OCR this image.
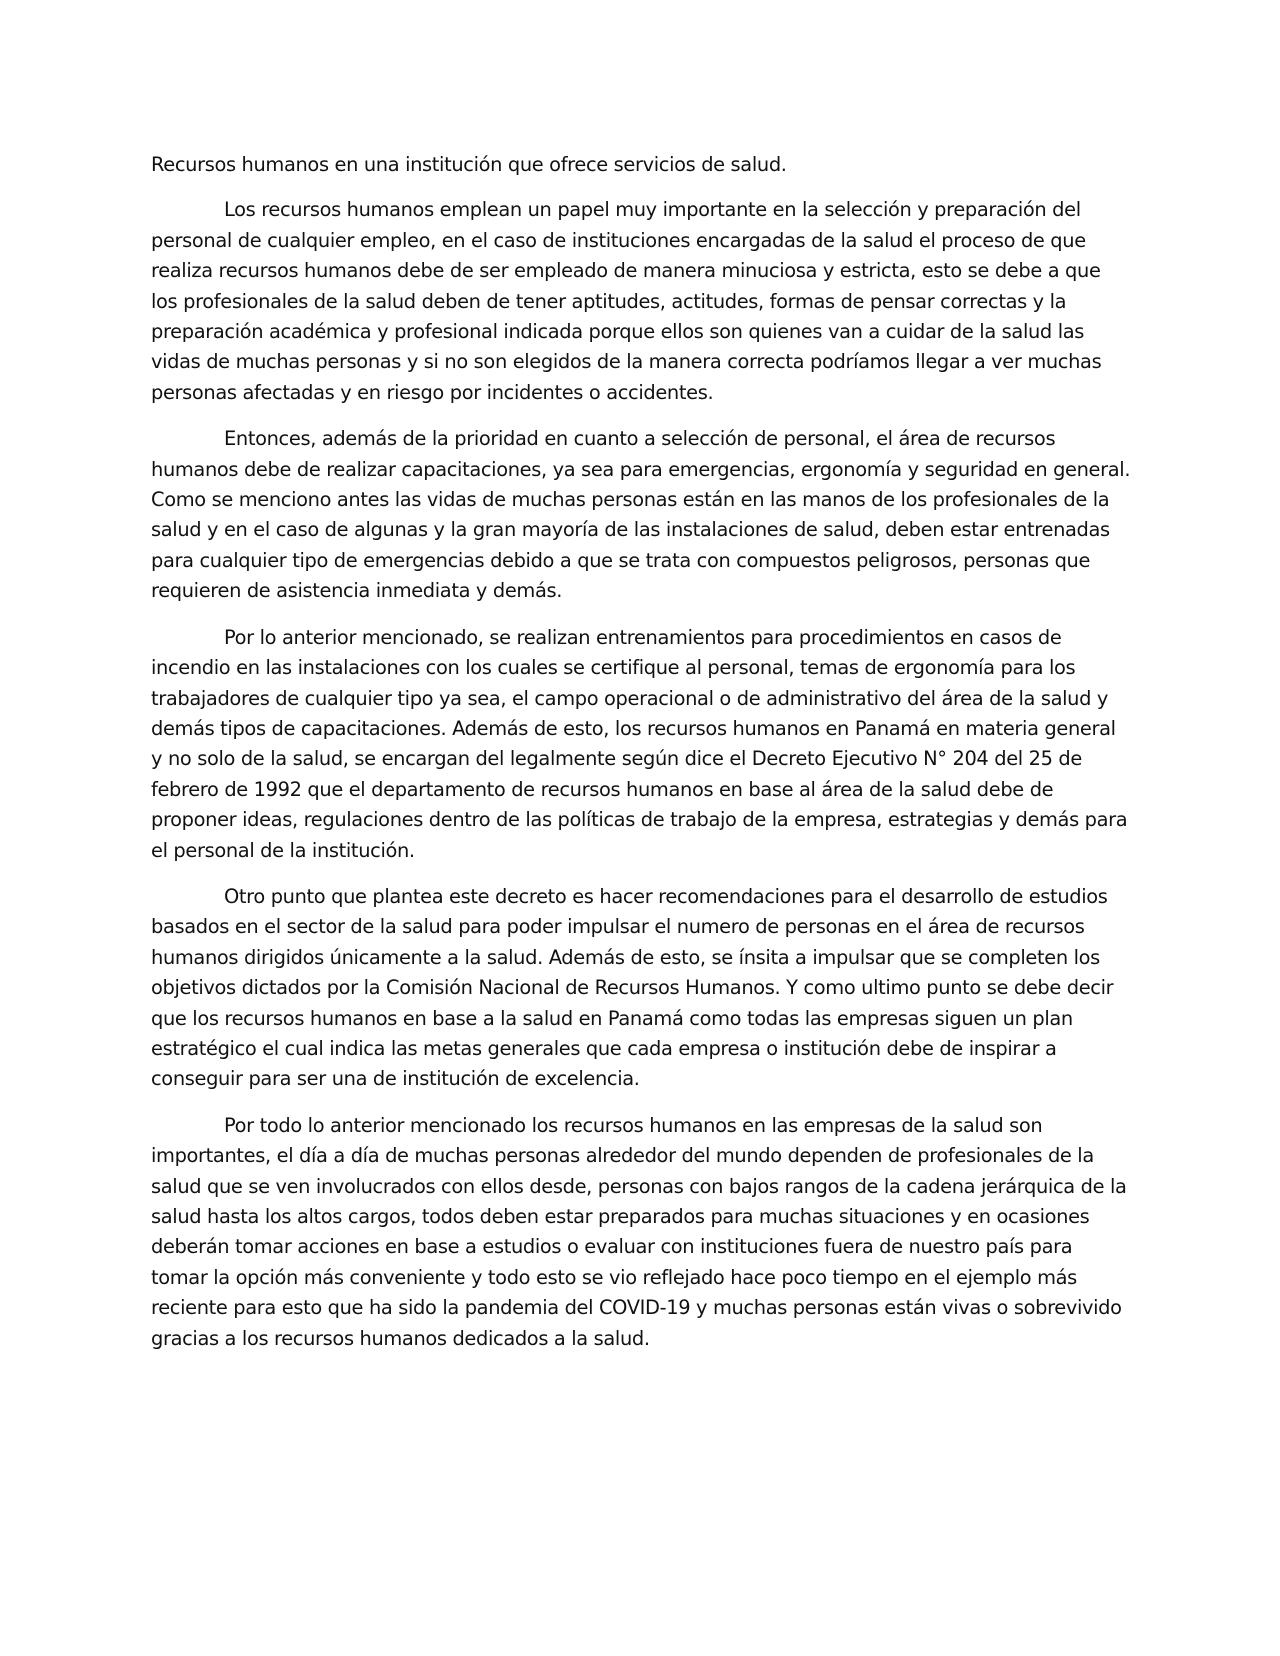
Recursos humanos en una institución que ofrece servicios de salud.

Los recursos humanos emplean un papel muy importante en la selección y preparación del personal de cualquier empleo, en el caso de instituciones encargadas de la salud el proceso de que realiza recursos humanos debe de ser empleado de manera minuciosa y estricta, esto se debe a que los profesionales de la salud deben de tener aptitudes, actitudes, formas de pensar correctas y la preparación académica y profesional indicada porque ellos son quienes van a cuidar de la salud las vidas de muchas personas y si no son elegidos de la manera correcta podríamos llegar a ver muchas personas afectadas y en riesgo por incidentes o accidentes.

Entonces, además de la prioridad en cuanto a selección de personal, el área de recursos humanos debe de realizar capacitaciones, ya sea para emergencias, ergonomía y seguridad en general. Como se menciono antes las vidas de muchas personas están en las manos de los profesionales de la salud y en el caso de algunas y la gran mayoría de las instalaciones de salud, deben estar entrenadas para cualquier tipo de emergencias debido a que se trata con compuestos peligrosos, personas que requieren de asistencia inmediata y demás.

Por lo anterior mencionado, se realizan entrenamientos para procedimientos en casos de incendio en las instalaciones con los cuales se certifique al personal, temas de ergonomía para los trabajadores de cualquier tipo ya sea, el campo operacional o de administrativo del área de la salud y demás tipos de capacitaciones. Además de esto, los recursos humanos en Panamá en materia general y no solo de la salud, se encargan del legalmente según dice el Decreto Ejecutivo N° 204 del 25 de febrero de 1992 que el departamento de recursos humanos en base al área de la salud debe de proponer ideas, regulaciones dentro de las políticas de trabajo de la empresa, estrategias y demás para el personal de la institución.

Otro punto que plantea este decreto es hacer recomendaciones para el desarrollo de estudios basados en el sector de la salud para poder impulsar el numero de personas en el área de recursos humanos dirigidos únicamente a la salud. Además de esto, se ínsita a impulsar que se completen los objetivos dictados por la Comisión Nacional de Recursos Humanos. Y como ultimo punto se debe decir que los recursos humanos en base a la salud en Panamá como todas las empresas siguen un plan estratégico el cual indica las metas generales que cada empresa o institución debe de inspirar a conseguir para ser una de institución de excelencia.

Por todo lo anterior mencionado los recursos humanos en las empresas de la salud son importantes, el día a día de muchas personas alrededor del mundo dependen de profesionales de la salud que se ven involucrados con ellos desde, personas con bajos rangos de la cadena jerárquica de la salud hasta los altos cargos, todos deben estar preparados para muchas situaciones y en ocasiones deberán tomar acciones en base a estudios o evaluar con instituciones fuera de nuestro país para tomar la opción más conveniente y todo esto se vio reflejado hace poco tiempo en el ejemplo más reciente para esto que ha sido la pandemia del COVID-19 y muchas personas están vivas o sobrevivido gracias a los recursos humanos dedicados a la salud.
